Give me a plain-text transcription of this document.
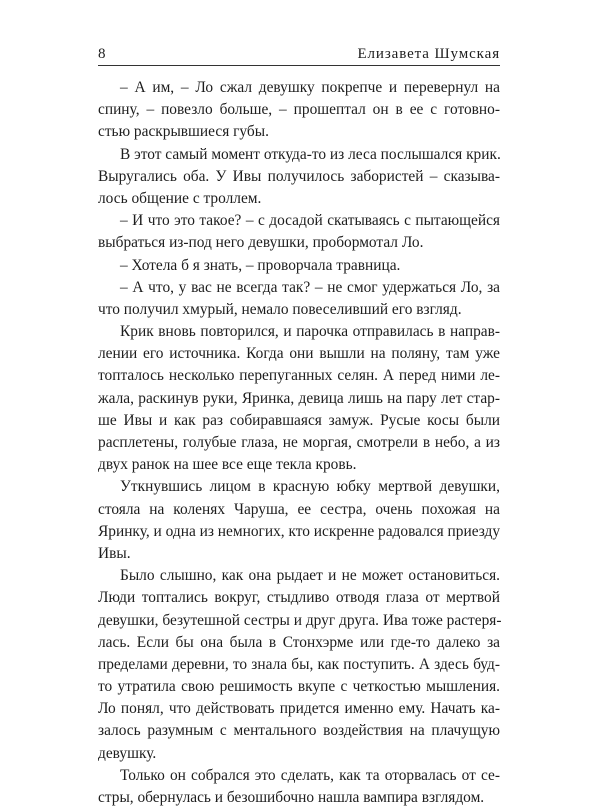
8	Елизавета Шумская
– А им, – Ло сжал девушку покрепче и перевернул на
спину, – повезло больше, – прошептал он в ее с готовно-
стью раскрывшиеся губы.
В этот самый момент откуда-то из леса послышался крик.
Выругались оба. У Ивы получилось забористей – сказыва-
лось общение с троллем.
– И что это такое? – с досадой скатываясь с пытающейся
выбраться из-под него девушки, пробормотал Ло.
– Хотела б я знать, – проворчала травница.
– А что, у вас не всегда так? – не смог удержаться Ло, за
что получил хмурый, немало повеселивший его взгляд.
Крик вновь повторился, и парочка отправилась в направ-
лении его источника. Когда они вышли на поляну, там уже
топталось несколько перепуганных селян. А перед ними ле-
жала, раскинув руки, Яринка, девица лишь на пару лет стар-
ше Ивы и как раз собиравшаяся замуж. Русые косы были
расплетены, голубые глаза, не моргая, смотрели в небо, а из
двух ранок на шее все еще текла кровь.
Уткнувшись лицом в красную юбку мертвой девушки,
стояла на коленях Чаруша, ее сестра, очень похожая на
Яринку, и одна из немногих, кто искренне радовался приезду
Ивы.
Было слышно, как она рыдает и не может остановиться.
Люди топтались вокруг, стыдливо отводя глаза от мертвой
девушки, безутешной сестры и друг друга. Ива тоже растеря-
лась. Если бы она была в Стонхэрме или где-то далеко за
пределами деревни, то знала бы, как поступить. А здесь буд-
то утратила свою решимость вкупе с четкостью мышления.
Ло понял, что действовать придется именно ему. Начать ка-
залось разумным с ментального воздействия на плачущую
девушку.
Только он собрался это сделать, как та оторвалась от се-
стры, обернулась и безошибочно нашла вампира взглядом.
